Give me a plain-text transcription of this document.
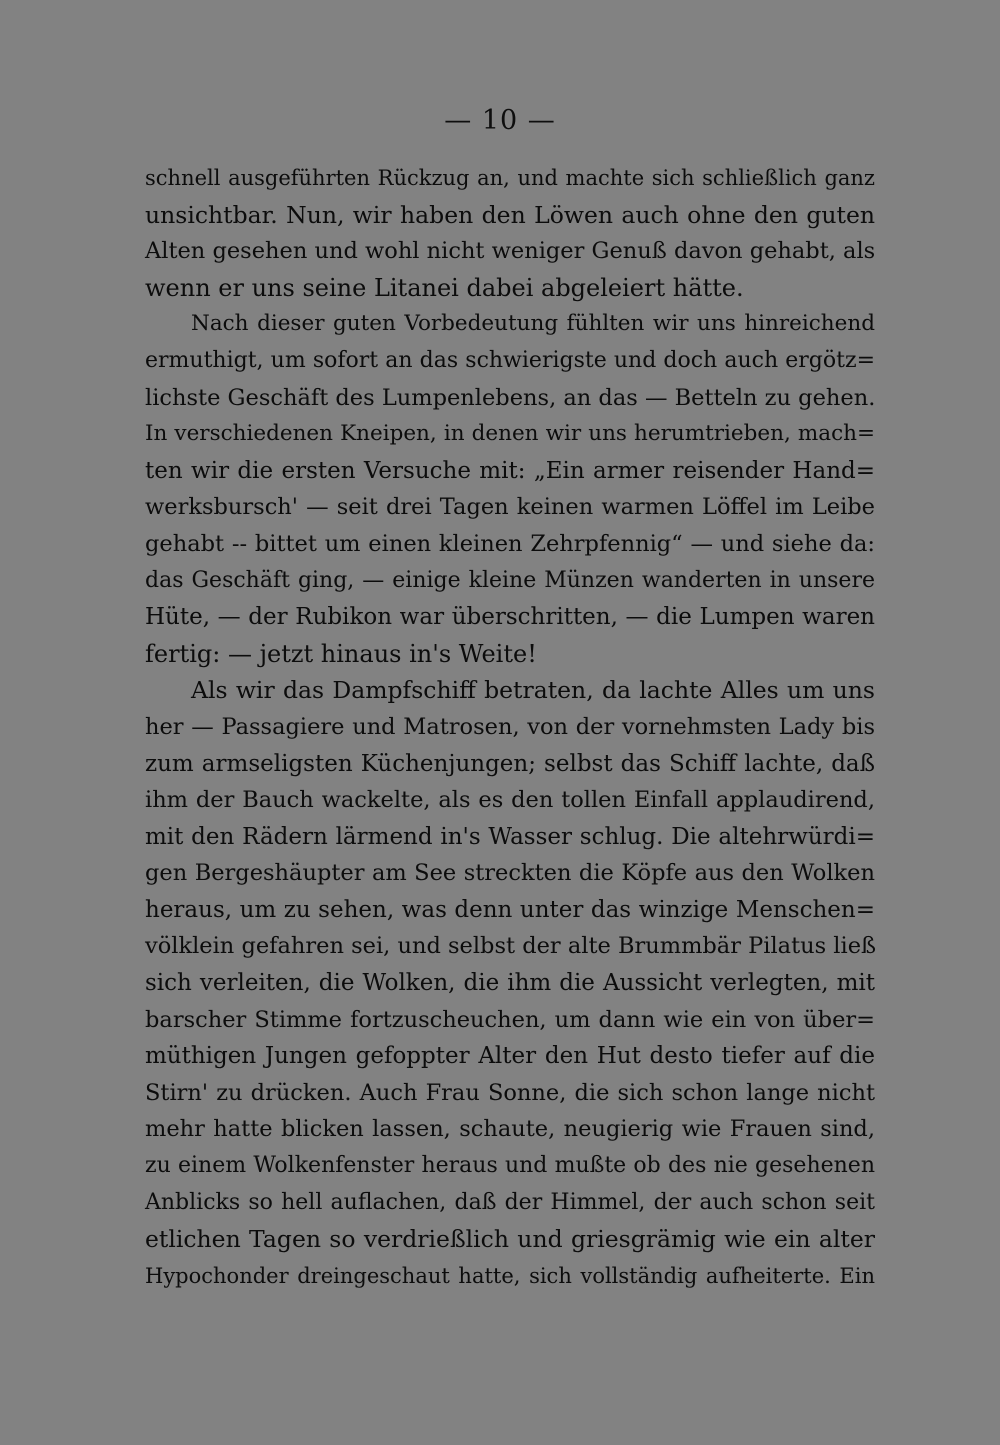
— 10 —
schnell ausgeführten Rückzug an, und machte sich schließlich ganz
unsichtbar. Nun, wir haben den Löwen auch ohne den guten
Alten gesehen und wohl nicht weniger Genuß davon gehabt, als
wenn er uns seine Litanei dabei abgeleiert hätte.
Nach dieser guten Vorbedeutung fühlten wir uns hinreichend
ermuthigt, um sofort an das schwierigste und doch auch ergötz=
lichste Geschäft des Lumpenlebens, an das — Betteln zu gehen.
In verschiedenen Kneipen, in denen wir uns herumtrieben, mach=
ten wir die ersten Versuche mit: „Ein armer reisender Hand=
werksbursch' — seit drei Tagen keinen warmen Löffel im Leibe
gehabt -- bittet um einen kleinen Zehrpfennig“ — und siehe da:
das Geschäft ging, — einige kleine Münzen wanderten in unsere
Hüte, — der Rubikon war überschritten, — die Lumpen waren
fertig: — jetzt hinaus in's Weite!
Als wir das Dampfschiff betraten, da lachte Alles um uns
her — Passagiere und Matrosen, von der vornehmsten Lady bis
zum armseligsten Küchenjungen; selbst das Schiff lachte, daß
ihm der Bauch wackelte, als es den tollen Einfall applaudirend,
mit den Rädern lärmend in's Wasser schlug. Die altehrwürdi=
gen Bergeshäupter am See streckten die Köpfe aus den Wolken
heraus, um zu sehen, was denn unter das winzige Menschen=
völklein gefahren sei, und selbst der alte Brummbär Pilatus ließ
sich verleiten, die Wolken, die ihm die Aussicht verlegten, mit
barscher Stimme fortzuscheuchen, um dann wie ein von über=
müthigen Jungen gefoppter Alter den Hut desto tiefer auf die
Stirn' zu drücken. Auch Frau Sonne, die sich schon lange nicht
mehr hatte blicken lassen, schaute, neugierig wie Frauen sind,
zu einem Wolkenfenster heraus und mußte ob des nie gesehenen
Anblicks so hell auflachen, daß der Himmel, der auch schon seit
etlichen Tagen so verdrießlich und griesgrämig wie ein alter
Hypochonder dreingeschaut hatte, sich vollständig aufheiterte. Ein
